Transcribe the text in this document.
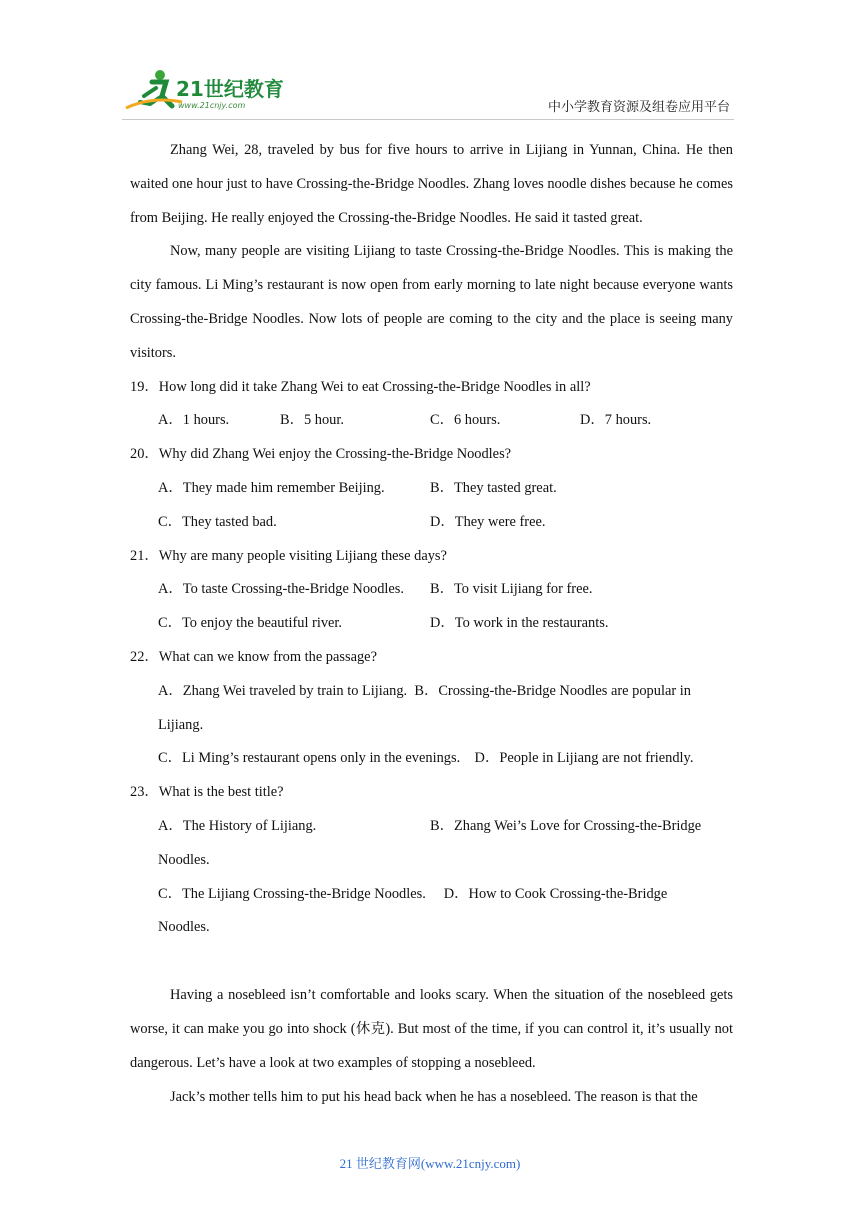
21世纪教育
www.21cnjy.com	中小学教育资源及组卷应用平台

Zhang Wei, 28, traveled by bus for five hours to arrive in Lijiang in Yunnan, China. He then waited one hour just to have Crossing-the-Bridge Noodles. Zhang loves noodle dishes because he comes from Beijing. He really enjoyed the Crossing-the-Bridge Noodles. He said it tasted great.

Now, many people are visiting Lijiang to taste Crossing-the-Bridge Noodles. This is making the city famous. Li Ming’s restaurant is now open from early morning to late night because everyone wants Crossing-the-Bridge Noodles. Now lots of people are coming to the city and the place is seeing many visitors.

19．How long did it take Zhang Wei to eat Crossing-the-Bridge Noodles in all?
A．1 hours.	B．5 hour.	C．6 hours.	D．7 hours.
20．Why did Zhang Wei enjoy the Crossing-the-Bridge Noodles?
A．They made him remember Beijing.	B．They tasted great.
C．They tasted bad.	D．They were free.
21．Why are many people visiting Lijiang these days?
A．To taste Crossing-the-Bridge Noodles. B．To visit Lijiang for free.
C．To enjoy the beautiful river.	D．To work in the restaurants.
22．What can we know from the passage?
A．Zhang Wei traveled by train to Lijiang.  B．Crossing-the-Bridge Noodles are popular in
Lijiang.
C．Li Ming’s restaurant opens only in the evenings.    D．People in Lijiang are not friendly.
23．What is the best title?
A．The History of Lijiang.	B．Zhang Wei’s Love for Crossing-the-Bridge
Noodles.
C．The Lijiang Crossing-the-Bridge Noodles.     D．How to Cook Crossing-the-Bridge
Noodles.

Having a nosebleed isn’t comfortable and looks scary. When the situation of the nosebleed gets worse, it can make you go into shock (休克). But most of the time, if you can control it, it’s usually not dangerous. Let’s have a look at two examples of stopping a nosebleed.

Jack’s mother tells him to put his head back when he has a nosebleed. The reason is that the

21 世纪教育网(www.21cnjy.com)
